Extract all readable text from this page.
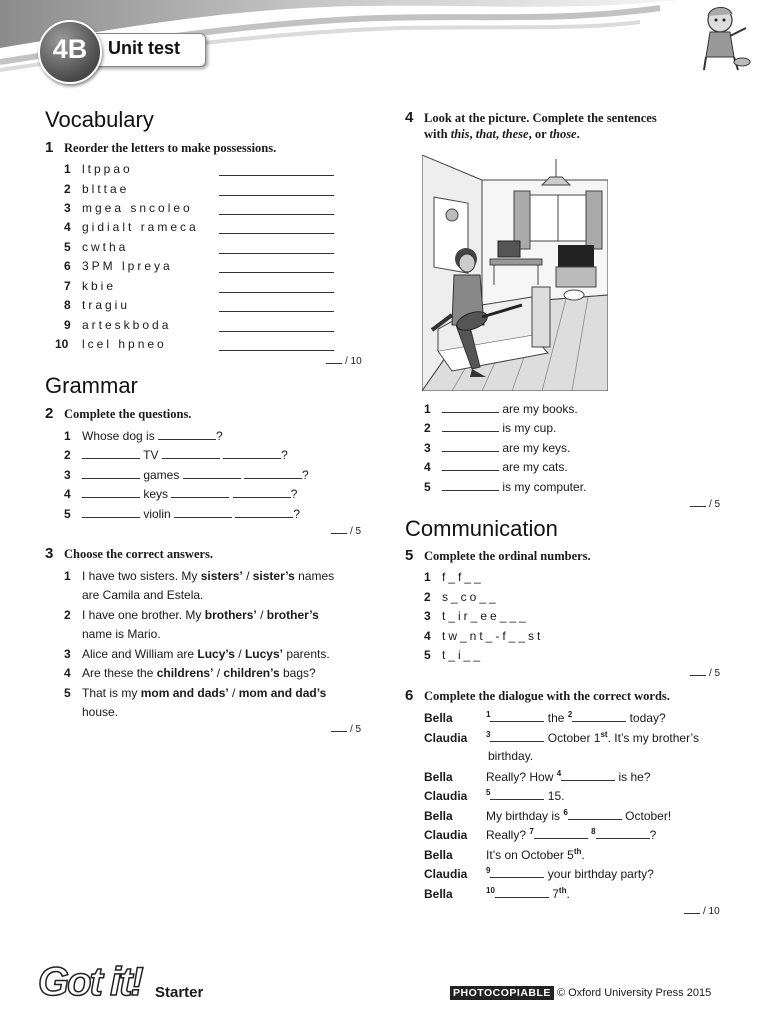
Unit test
4B
Vocabulary
1 Reorder the letters to make possessions.
1 ltppao
2 blttae
3 mgea sncoleo
4 gidialt rameca
5 cwtha
6 3PM lpreya
7 kbie
8 tragiu
9 arteskboda
10 lcel hpneo
/ 10
Grammar
2 Complete the questions.
1 Whose dog is	?
2	TV	?
3	games	?
4	keys	?
5	violin	?
/ 5
3 Choose the correct answers.
1 I have two sisters. My sisters’ / sister’s names
are Camila and Estela.
2 I have one brother. My brothers’ / brother’s
name is Mario.
3 Alice and William are Lucy’s / Lucys’ parents.
4 Are these the childrens’ / children’s bags?
5 That is my mom and dads’ / mom and dad’s
house.
/ 5
4 Look at the picture. Complete the sentences
with this, that, these, or those.
1	are my books.
2	is my cup.
3	are my keys.
4	are my cats.
5	is my computer.
/ 5
Communication
5 Complete the ordinal numbers.
1 f_f__
2 s_co__
3 t_ir_ee___
4 tw_nt_-f__st
5 t_i__
/ 5
6 Complete the dialogue with the correct words.
Bella	$^1$	the $^2$	today?
Claudia $^3$	October 1st. It’s my brother’s
birthday.
Bella	Really? How $^4$	is he?
Claudia $^5$	15.
Bella	My birthday is $^6$	October!
Claudia Really? $^7$	$^8$	?
Bella	It’s on October 5th.
Claudia $^9$	your birthday party?
Bella	$^{10}$	7th.
/ 10
Got it! Starter	PHOTOCOPIABLE © Oxford University Press 2015
